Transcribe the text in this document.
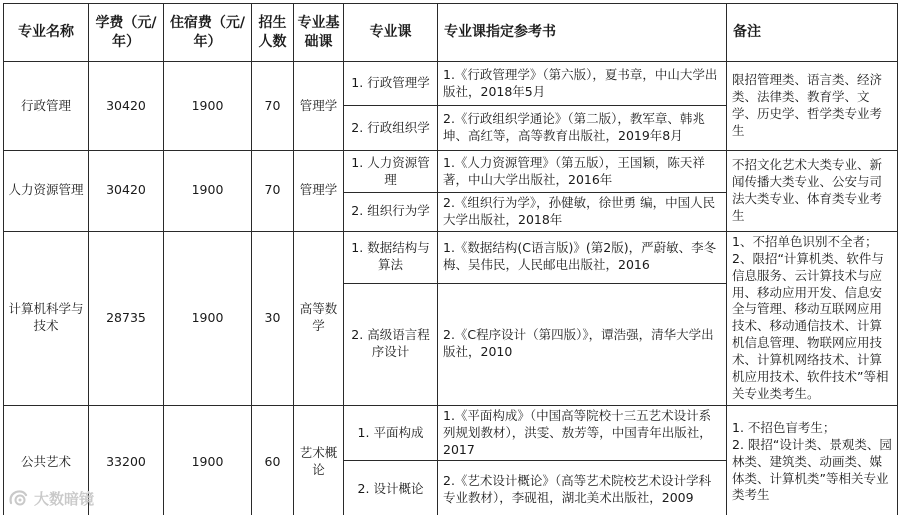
专业名称	学费（元/年）	住宿费（元/年）	招生人数	专业基础课	专业课	专业课指定参考书	备注
行政管理	30420	1900	70	管理学	1. 行政管理学	1.《行政管理学》（第六版），夏书章，中山大学出版社，2018年5月	限招管理类、语言类、经济类、法律类、教育学、文学、历史学、哲学类专业考生
					2. 行政组织学	2.《行政组织学通论》（第二版），教军章、韩兆坤、高红等，高等教育出版社，2019年8月	
人力资源管理	30420	1900	70	管理学	1. 人力资源管理	1.《人力资源管理》（第五版），王国颖，陈天祥 著，中山大学出版社，2016年	不招文化艺术大类专业、新闻传播大类专业、公安与司法大类专业、体育类专业考生
					2. 组织行为学	2.《组织行为学》，孙健敏，徐世勇 编，中国人民大学出版社，2018年	
计算机科学与技术	28735	1900	30	高等数学	1. 数据结构与算法	1.《数据结构(C语言版)》(第2版)，严蔚敏、李冬梅、吴伟民，人民邮电出版社，2016	1、不招单色识别不全者；
2、限招“计算机类、软件与信息服务、云计算技术与应用、移动应用开发、信息安全与管理、移动互联网应用技术、移动通信技术、计算机信息管理、物联网应用技术、计算机网络技术、计算机应用技术、软件技术”等相关专业类考生。

					2. 高级语言程序设计	2.《C程序设计（第四版）》，谭浩强，清华大学出版社，2010	
公共艺术	33200	1900	60	艺术概论	1. 平面构成	1.《平面构成》（中国高等院校十三五艺术设计系列规划教材），洪雯、敖芳等，中国青年出版社，2017	1. 不招色盲考生；
2. 限招“设计类、景观类、园林类、建筑类、动画类、媒体类、计算机类”等相关专业类考生

					2. 设计概论	2.《艺术设计概论》（高等艺术院校艺术设计学科专业教材），李砚祖，湖北美术出版社，2009	
大数暗镜
